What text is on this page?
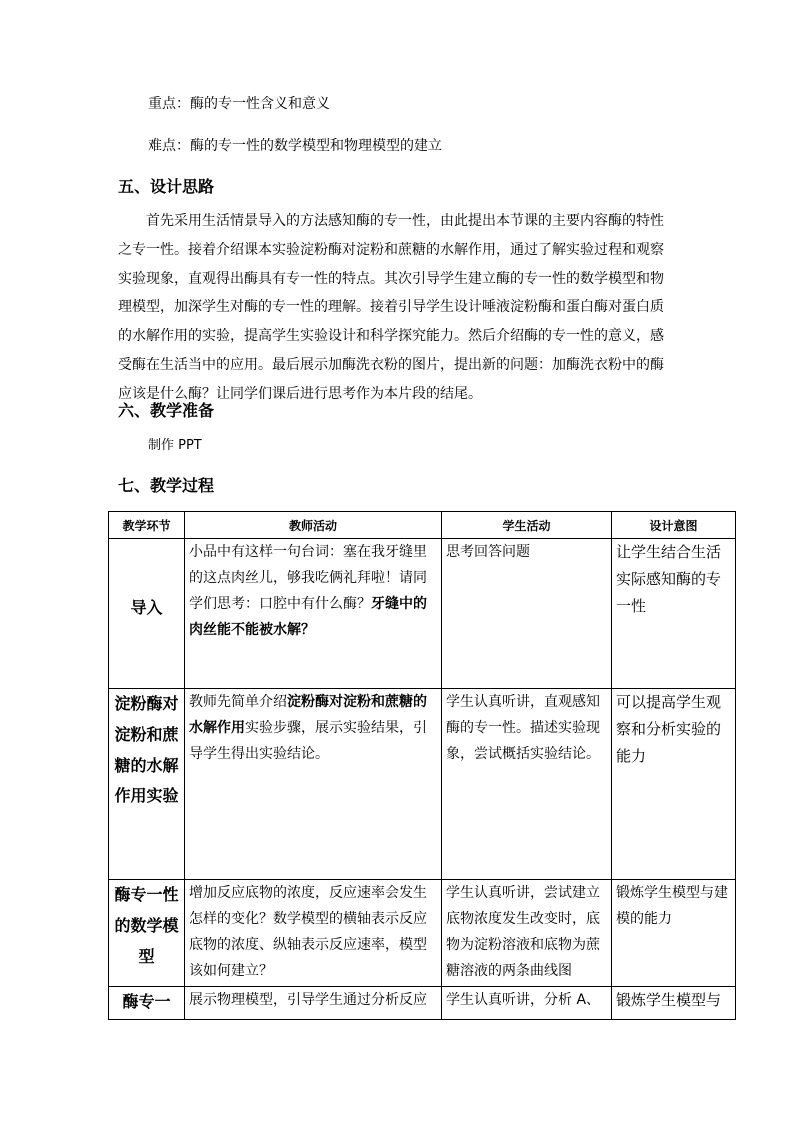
重点：酶的专一性含义和意义
难点：酶的专一性的数学模型和物理模型的建立
五、设计思路
首先采用生活情景导入的方法感知酶的专一性，由此提出本节课的主要内容酶的特性之专一性。接着介绍课本实验淀粉酶对淀粉和蔗糖的水解作用，通过了解实验过程和观察实验现象，直观得出酶具有专一性的特点。其次引导学生建立酶的专一性的数学模型和物理模型，加深学生对酶的专一性的理解。接着引导学生设计唾液淀粉酶和蛋白酶对蛋白质的水解作用的实验，提高学生实验设计和科学探究能力。然后介绍酶的专一性的意义，感受酶在生活当中的应用。最后展示加酶洗衣粉的图片，提出新的问题：加酶洗衣粉中的酶应该是什么酶？让同学们课后进行思考作为本片段的结尾。
六、教学准备
制作 PPT
七、教学过程
教学环节	教师活动	学生活动	设计意图
导入	小品中有这样一句台词：塞在我牙缝里的这点肉丝儿，够我吃俩礼拜啦！请同学们思考：口腔中有什么酶？牙缝中的肉丝能不能被水解？	思考回答问题	让学生结合生活实际感知酶的专一性
淀粉酶对淀粉和蔗糖的水解作用实验	教师先简单介绍淀粉酶对淀粉和蔗糖的水解作用实验步骤，展示实验结果，引导学生得出实验结论。	学生认真听讲，直观感知酶的专一性。描述实验现象，尝试概括实验结论。	可以提高学生观察和分析实验的能力
酶专一性的数学模型	增加反应底物的浓度，反应速率会发生怎样的变化？数学模型的横轴表示反应底物的浓度、纵轴表示反应速率，模型该如何建立？	学生认真听讲，尝试建立底物浓度发生改变时，底物为淀粉溶液和底物为蔗糖溶液的两条曲线图	锻炼学生模型与建模的能力
酶专一	展示物理模型，引导学生通过分析反应	学生认真听讲，分析 A、	锻炼学生模型与
